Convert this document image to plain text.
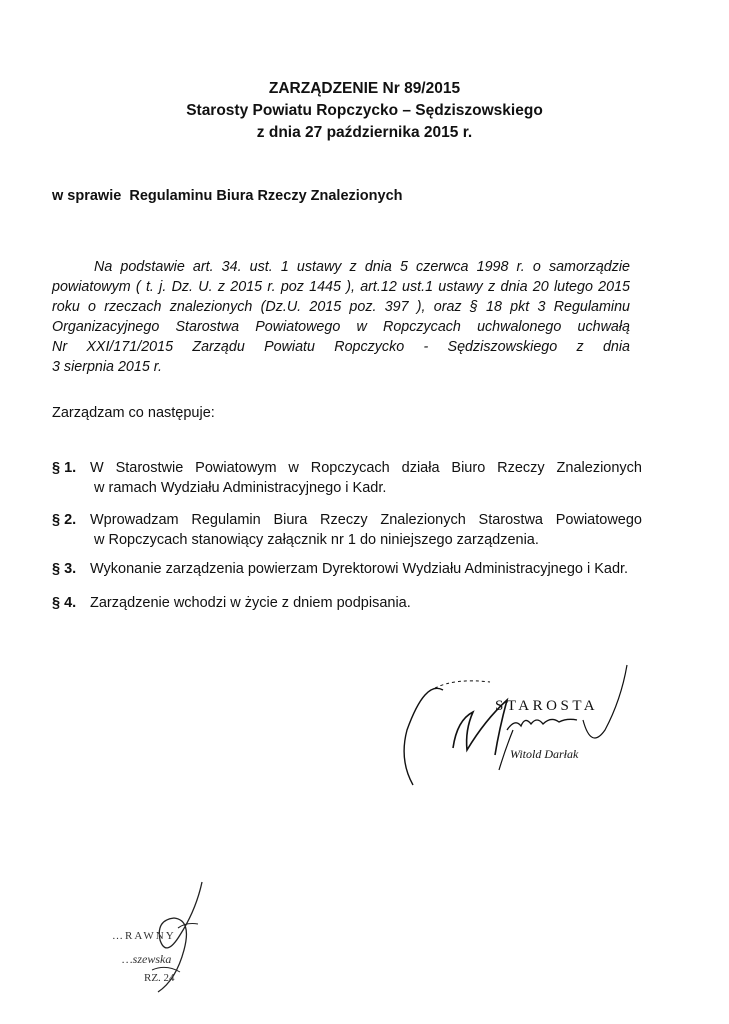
ZARZĄDZENIE Nr 89/2015
Starosty Powiatu Ropczycko – Sędziszowskiego
z dnia 27 października 2015 r.
w sprawie  Regulaminu Biura Rzeczy Znalezionych
Na podstawie art. 34. ust. 1 ustawy z dnia 5 czerwca 1998 r. o samorządzie
powiatowym ( t. j. Dz. U. z 2015 r. poz 1445 ), art.12 ust.1 ustawy z dnia 20 lutego 2015
roku o rzeczach znalezionych (Dz.U. 2015 poz. 397 ), oraz § 18 pkt 3 Regulaminu
Organizacyjnego Starostwa Powiatowego w Ropczycach uchwalonego uchwałą
Nr XXI/171/2015 Zarządu Powiatu Ropczycko - Sędziszowskiego z dnia
3 sierpnia 2015 r.
Zarządzam co następuje:
§ 1. W Starostwie Powiatowym w Ropczycach działa Biuro Rzeczy Znalezionych
w ramach Wydziału Administracyjnego i Kadr.
§ 2. Wprowadzam Regulamin Biura Rzeczy Znalezionych Starostwa Powiatowego
w Ropczycach stanowiący załącznik nr 1 do niniejszego zarządzenia.
§ 3. Wykonanie zarządzenia powierzam Dyrektorowi Wydziału Administracyjnego i Kadr.
§ 4. Zarządzenie wchodzi w życie z dniem podpisania.
STAROSTA
Witold Darłak
…RAWNY
…szewska
RZ. 24
